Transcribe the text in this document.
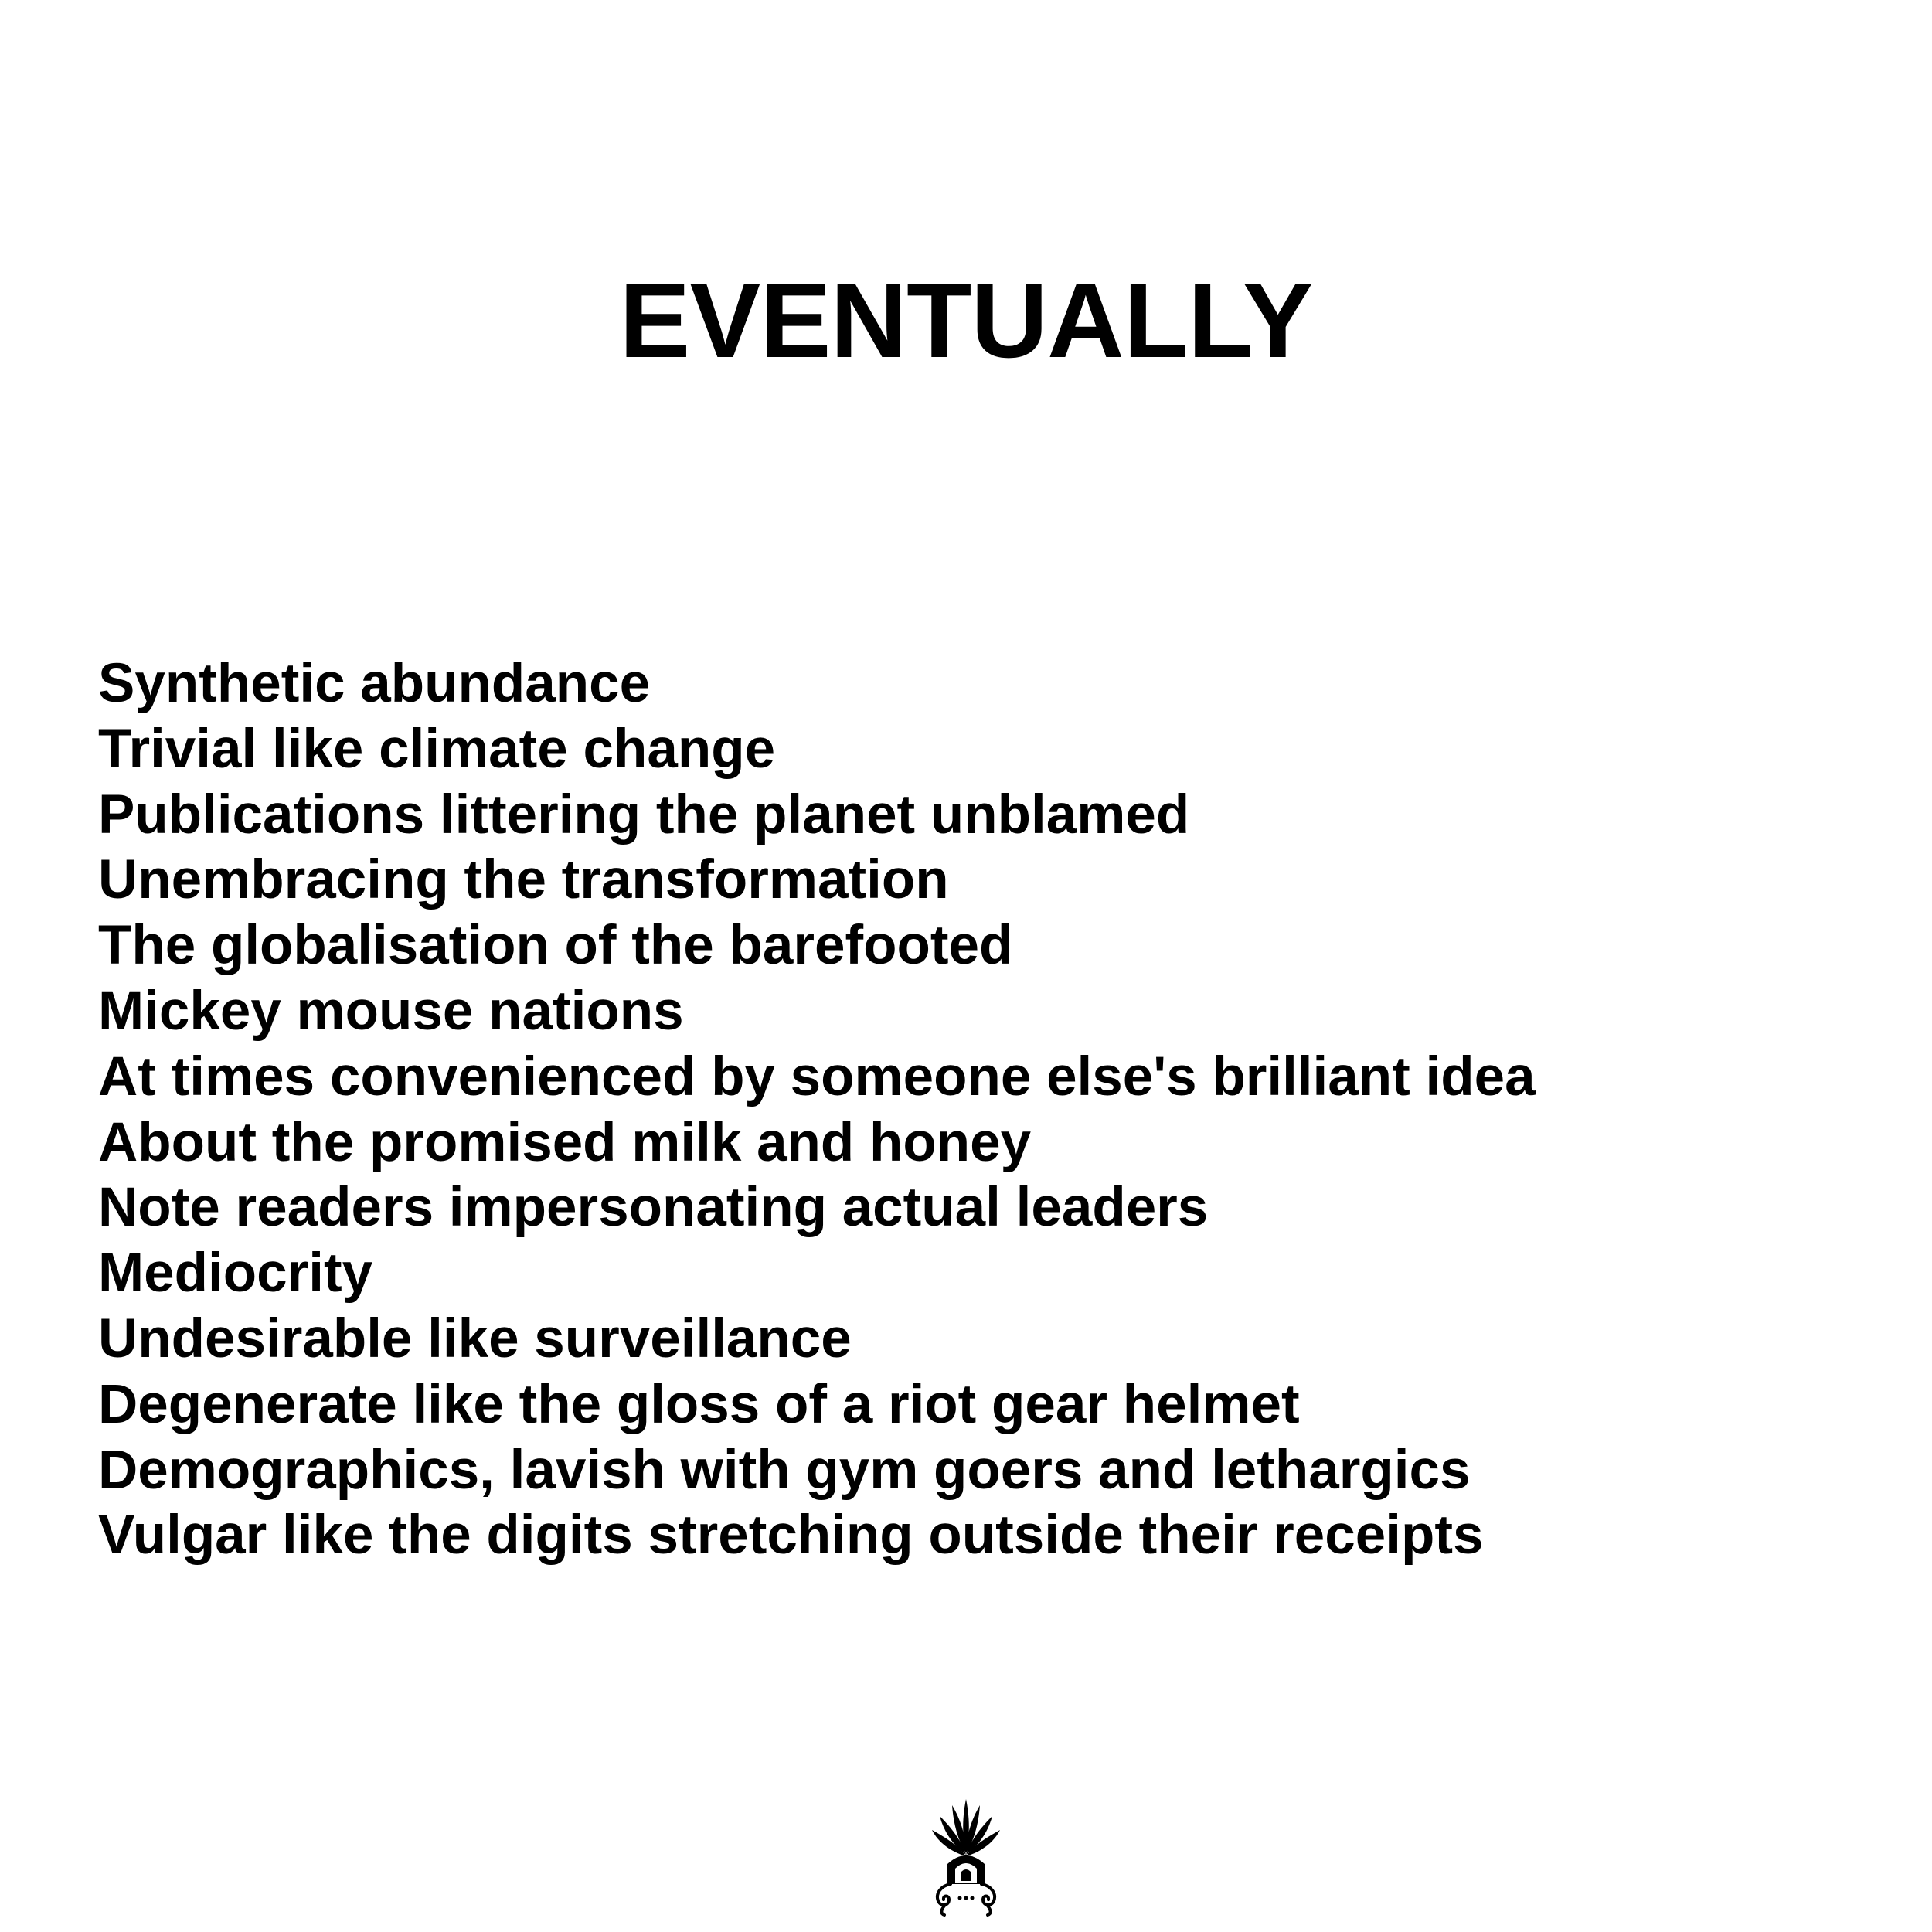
EVENTUALLY
Synthetic abundance
Trivial like climate change
Publications littering the planet unblamed
Unembracing the transformation
The globalisation of the barefooted
Mickey mouse nations
At times convenienced by someone else's brilliant idea
About the promised milk and honey
Note readers impersonating actual leaders
Mediocrity
Undesirable like surveillance
Degenerate like the gloss of a riot gear helmet
Demographics, lavish with gym goers and lethargics
Vulgar like the digits stretching outside their receipts
